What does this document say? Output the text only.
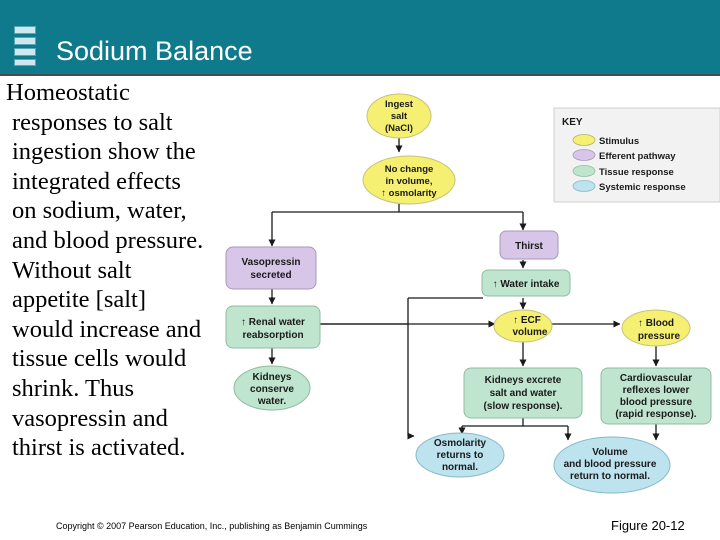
Sodium Balance
Homeostatic
responses to salt
ingestion show the
integrated effects
on sodium, water,
and blood pressure.
Without salt
appetite [salt]
would increase and
tissue cells would
shrink. Thus
vasopressin and
thirst is activated.
Ingest
salt
(NaCl)
No change
in volume,
↑ osmolarity
Thirst
Vasopressin
secreted
↑ Water intake
↑ Renal water
reabsorption
↑ ECF
volume
↑ Blood
pressure
Kidneys
conserve
water.
Kidneys excrete
salt and water
(slow response).
Cardiovascular
reflexes lower
blood pressure
(rapid response).
Osmolarity
returns to
normal.
Volume
and blood pressure
return to normal.
KEY
Stimulus
Efferent pathway
Tissue response
Systemic response
Copyright © 2007 Pearson Education, Inc., publishing as Benjamin Cummings	Figure 20-12
